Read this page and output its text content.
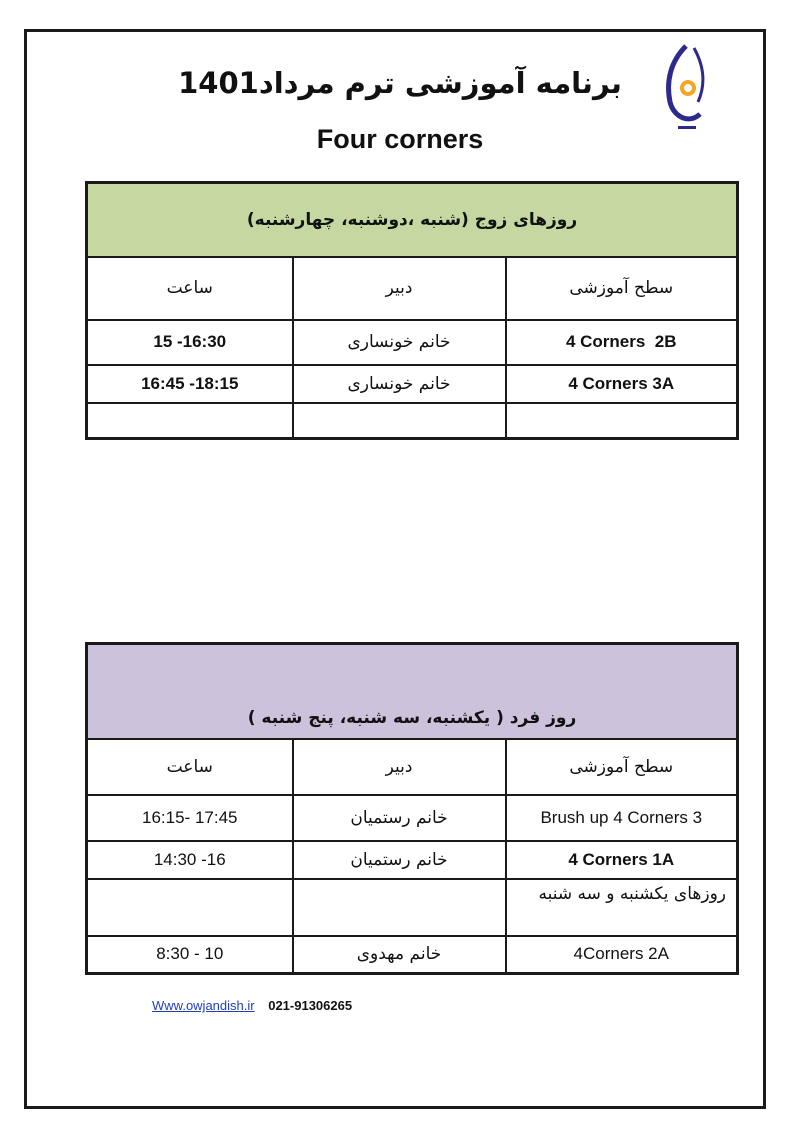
برنامه آموزشی ترم مرداد1401
Four corners
روزهای زوج (شنبه ،دوشنبه، چهارشنبه)		
ساعت	دبیر	سطح آموزشی
15 -16:30	خانم خونساری	4 Corners  2B
16:45 -18:15	خانم خونساری	4 Corners 3A

روز فرد ( یکشنبه، سه شنبه، پنج شنبه )		
ساعت	دبیر	سطح آموزشی
16:15- 17:45	خانم رستمیان	Brush up 4 Corners 3
14:30 -16	خانم رستمیان	4 Corners 1A
		روزهای یکشنبه و سه شنبه
8:30 - 10	خانم مهدوی	4Corners 2A
Www.owjandish.ir 021-91306265
